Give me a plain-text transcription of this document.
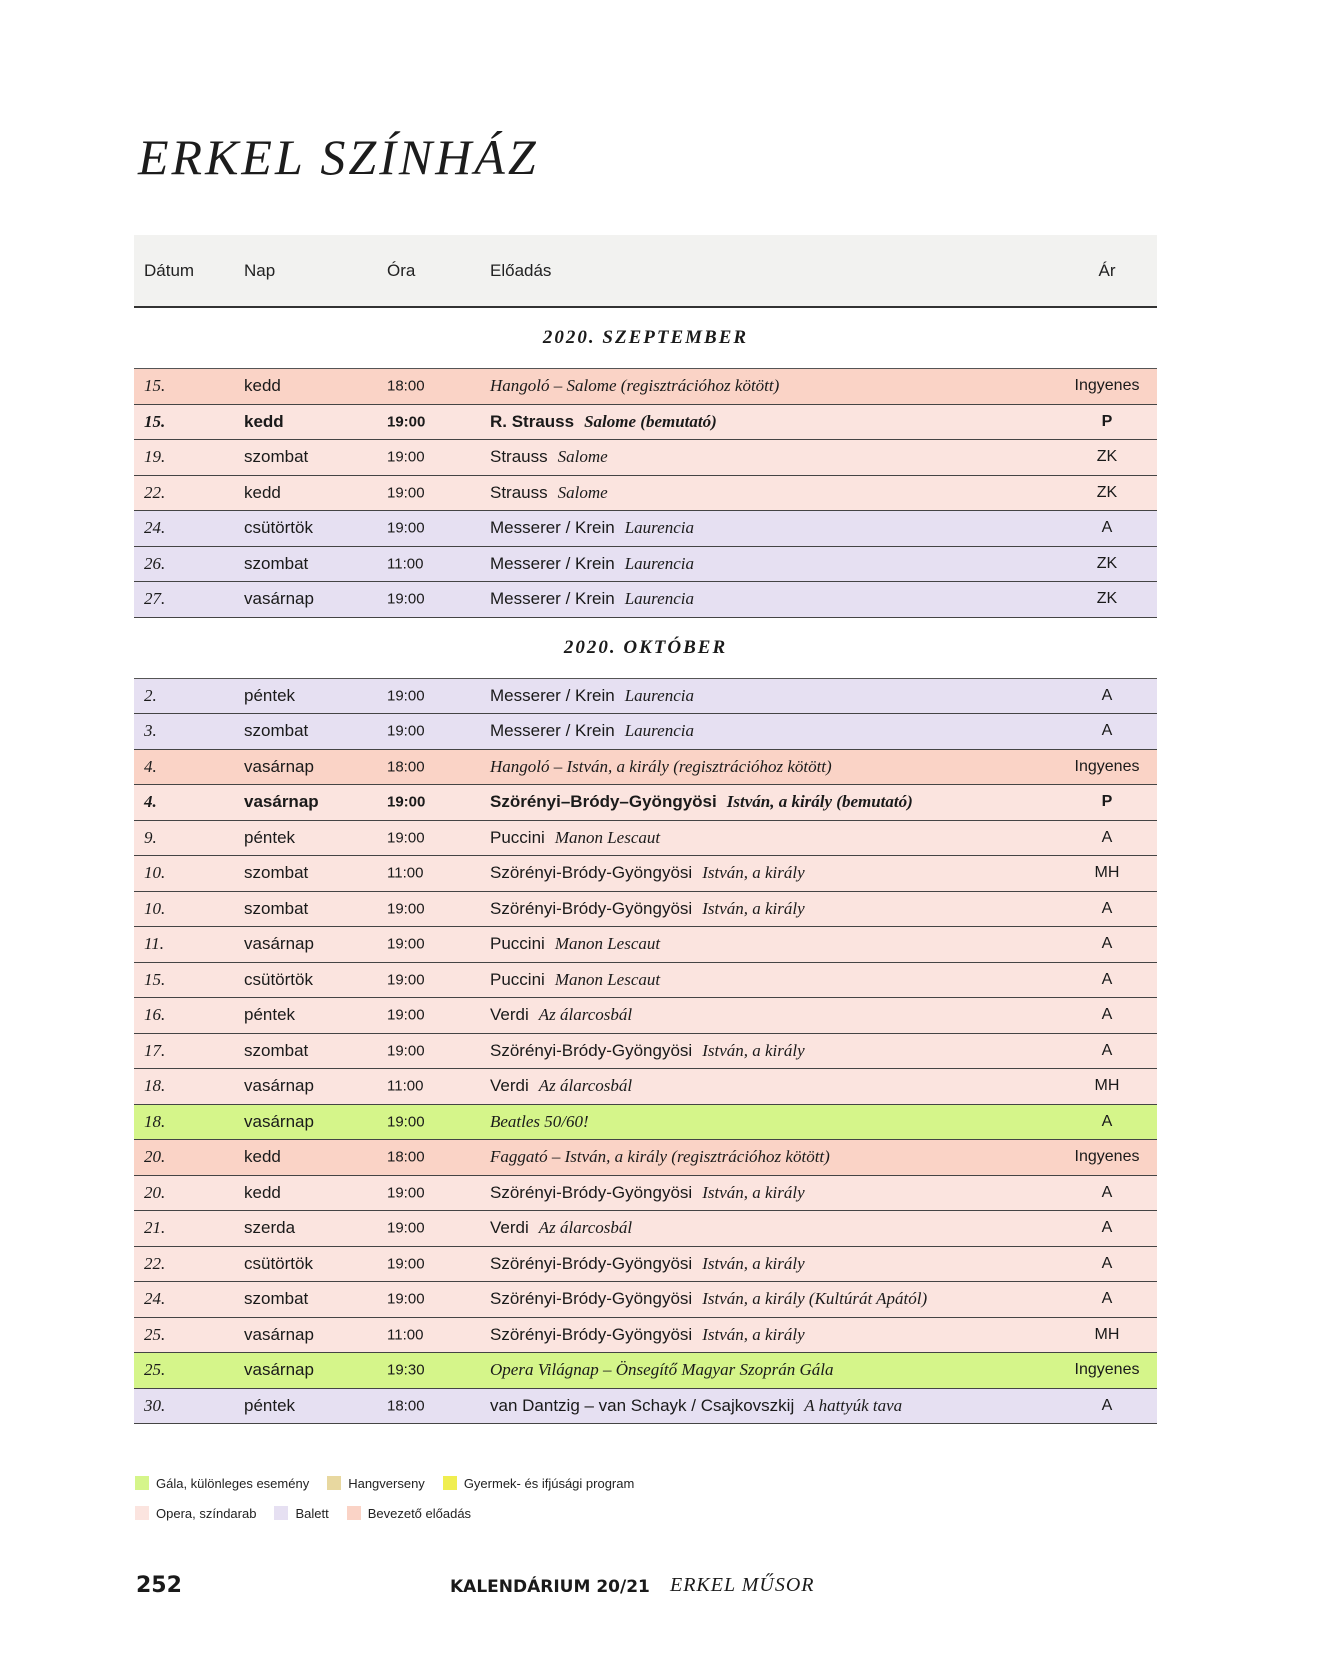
ERKEL SZÍNHÁZ
Dátum	Nap	Óra	Előadás	Ár
2020. SZEPTEMBER
15.	kedd	18:00	Hangoló – Salome (regisztrációhoz kötött)	Ingyenes
15.	kedd	19:00	R. Strauss Salome (bemutató)	P
19.	szombat	19:00	Strauss Salome	ZK
22.	kedd	19:00	Strauss Salome	ZK
24.	csütörtök	19:00	Messerer / Krein Laurencia	A
26.	szombat	11:00	Messerer / Krein Laurencia	ZK
27.	vasárnap	19:00	Messerer / Krein Laurencia	ZK
2020. OKTÓBER
2.	péntek	19:00	Messerer / Krein Laurencia	A
3.	szombat	19:00	Messerer / Krein Laurencia	A
4.	vasárnap	18:00	Hangoló – István, a király (regisztrációhoz kötött)	Ingyenes
4.	vasárnap	19:00	Szörényi–Bródy–Gyöngyösi István, a király (bemutató)	P
9.	péntek	19:00	Puccini Manon Lescaut	A
10.	szombat	11:00	Szörényi-Bródy-Gyöngyösi István, a király	MH
10.	szombat	19:00	Szörényi-Bródy-Gyöngyösi István, a király	A
11.	vasárnap	19:00	Puccini Manon Lescaut	A
15.	csütörtök	19:00	Puccini Manon Lescaut	A
16.	péntek	19:00	Verdi Az álarcosbál	A
17.	szombat	19:00	Szörényi-Bródy-Gyöngyösi István, a király	A
18.	vasárnap	11:00	Verdi Az álarcosbál	MH
18.	vasárnap	19:00	Beatles 50/60!	A
20.	kedd	18:00	Faggató – István, a király (regisztrációhoz kötött)	Ingyenes
20.	kedd	19:00	Szörényi-Bródy-Gyöngyösi István, a király	A
21.	szerda	19:00	Verdi Az álarcosbál	A
22.	csütörtök	19:00	Szörényi-Bródy-Gyöngyösi István, a király	A
24.	szombat	19:00	Szörényi-Bródy-Gyöngyösi István, a király (Kultúrát Apától)	A
25.	vasárnap	11:00	Szörényi-Bródy-Gyöngyösi István, a király	MH
25.	vasárnap	19:30	Opera Világnap – Önsegítő Magyar Szoprán Gála	Ingyenes
30.	péntek	18:00	van Dantzig – van Schayk / Csajkovszkij A hattyúk tava	A
Gála, különleges esemény	Hangverseny	Gyermek- és ifjúsági program
Opera, színdarab	Balett	Bevezető előadás
252	KALENDÁRIUM 20/21 ERKEL MŰSOR
